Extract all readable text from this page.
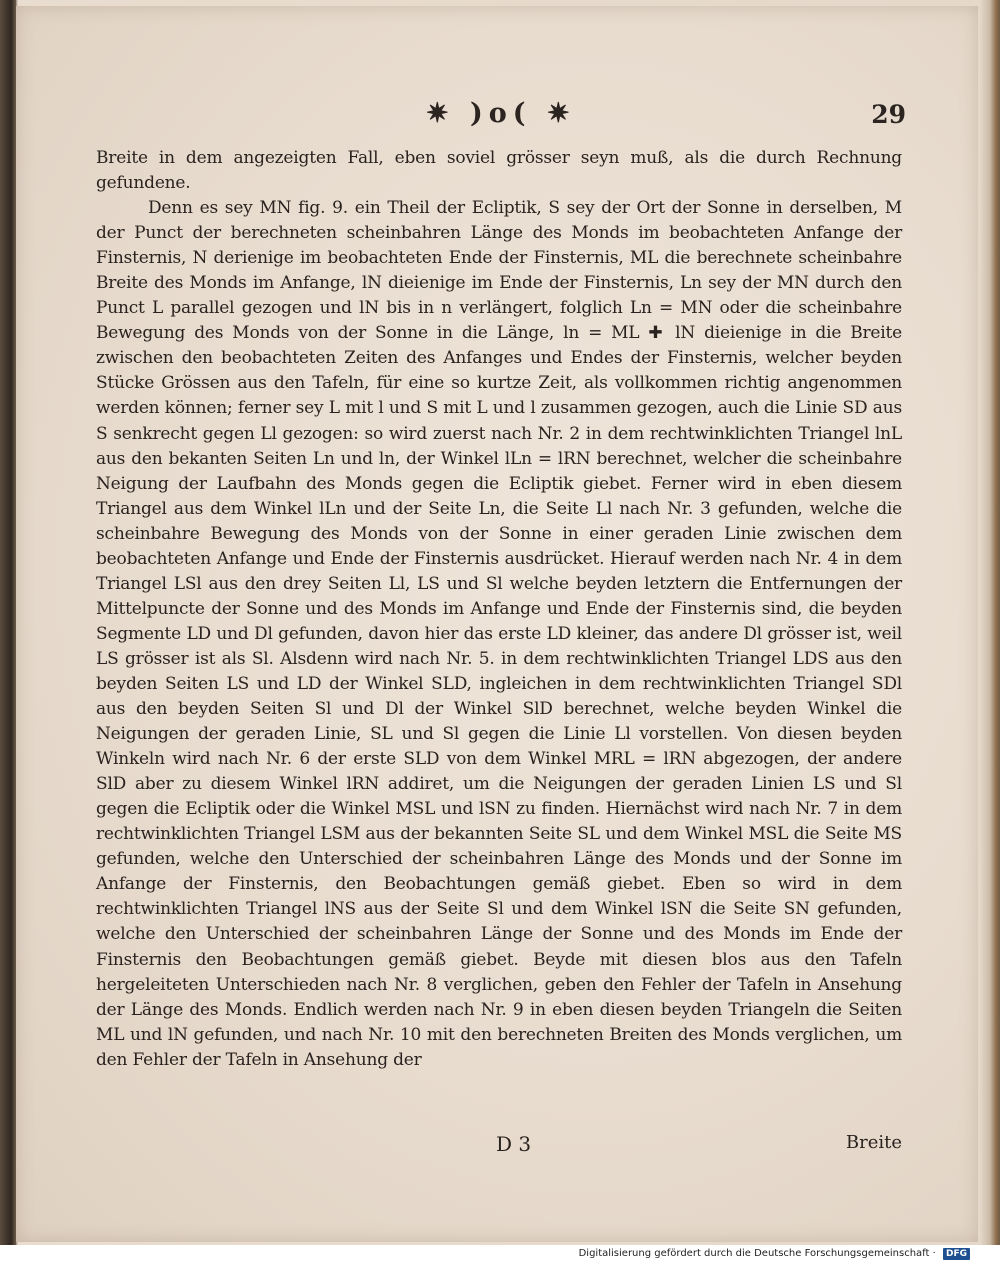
✷ )o( ✷	29

Breite in dem angezeigten Fall, eben soviel grösser seyn muß, als die durch Rechnung gefundene.

Denn es sey MN fig. 9. ein Theil der Ecliptik, S sey der Ort der Sonne in derselben, M der Punct der berechneten scheinbahren Länge des Monds im beobachteten Anfange der Finsternis, N derienige im beobachteten Ende der Finsternis, ML die berechnete scheinbahre Breite des Monds im Anfange, lN dieienige im Ende der Finsternis, Ln sey der MN durch den Punct L parallel gezogen und lN bis in n verlängert, folglich Ln = MN oder die scheinbahre Bewegung des Monds von der Sonne in die Länge, ln = ML ✚ lN dieienige in die Breite zwischen den beobachteten Zeiten des Anfanges und Endes der Finsternis, welcher beyden Stücke Grössen aus den Tafeln, für eine so kurtze Zeit, als vollkommen richtig angenommen werden können; ferner sey L mit l und S mit L und l zusammen gezogen, auch die Linie SD aus S senkrecht gegen Ll gezogen: so wird zuerst nach Nr. 2 in dem rechtwinklichten Triangel lnL aus den bekanten Seiten Ln und ln, der Winkel lLn = lRN berechnet, welcher die scheinbahre Neigung der Laufbahn des Monds gegen die Ecliptik giebet. Ferner wird in eben diesem Triangel aus dem Winkel lLn und der Seite Ln, die Seite Ll nach Nr. 3 gefunden, welche die scheinbahre Bewegung des Monds von der Sonne in einer geraden Linie zwischen dem beobachteten Anfange und Ende der Finsternis ausdrücket. Hierauf werden nach Nr. 4 in dem Triangel LSl aus den drey Seiten Ll, LS und Sl welche beyden letztern die Entfernungen der Mittelpuncte der Sonne und des Monds im Anfange und Ende der Finsternis sind, die beyden Segmente LD und Dl gefunden, davon hier das erste LD kleiner, das andere Dl grösser ist, weil LS grösser ist als Sl. Alsdenn wird nach Nr. 5. in dem rechtwinklichten Triangel LDS aus den beyden Seiten LS und LD der Winkel SLD, ingleichen in dem rechtwinklichten Triangel SDl aus den beyden Seiten Sl und Dl der Winkel SlD berechnet, welche beyden Winkel die Neigungen der geraden Linie, SL und Sl gegen die Linie Ll vorstellen. Von diesen beyden Winkeln wird nach Nr. 6 der erste SLD von dem Winkel MRL = lRN abgezogen, der andere SlD aber zu diesem Winkel lRN addiret, um die Neigungen der geraden Linien LS und Sl gegen die Ecliptik oder die Winkel MSL und lSN zu finden. Hiernächst wird nach Nr. 7 in dem rechtwinklichten Triangel LSM aus der bekannten Seite SL und dem Winkel MSL die Seite MS gefunden, welche den Unterschied der scheinbahren Länge des Monds und der Sonne im Anfange der Finsternis, den Beobachtungen gemäß giebet. Eben so wird in dem rechtwinklichten Triangel lNS aus der Seite Sl und dem Winkel lSN die Seite SN gefunden, welche den Unterschied der scheinbahren Länge der Sonne und des Monds im Ende der Finsternis den Beobachtungen gemäß giebet. Beyde mit diesen blos aus den Tafeln hergeleiteten Unterschieden nach Nr. 8 verglichen, geben den Fehler der Tafeln in Ansehung der Länge des Monds. Endlich werden nach Nr. 9 in eben diesen beyden Triangeln die Seiten ML und lN gefunden, und nach Nr. 10 mit den berechneten Breiten des Monds verglichen, um den Fehler der Tafeln in Ansehung der

D 3	Breite
Digitalisierung gefördert durch die Deutsche Forschungsgemeinschaft · DFG
